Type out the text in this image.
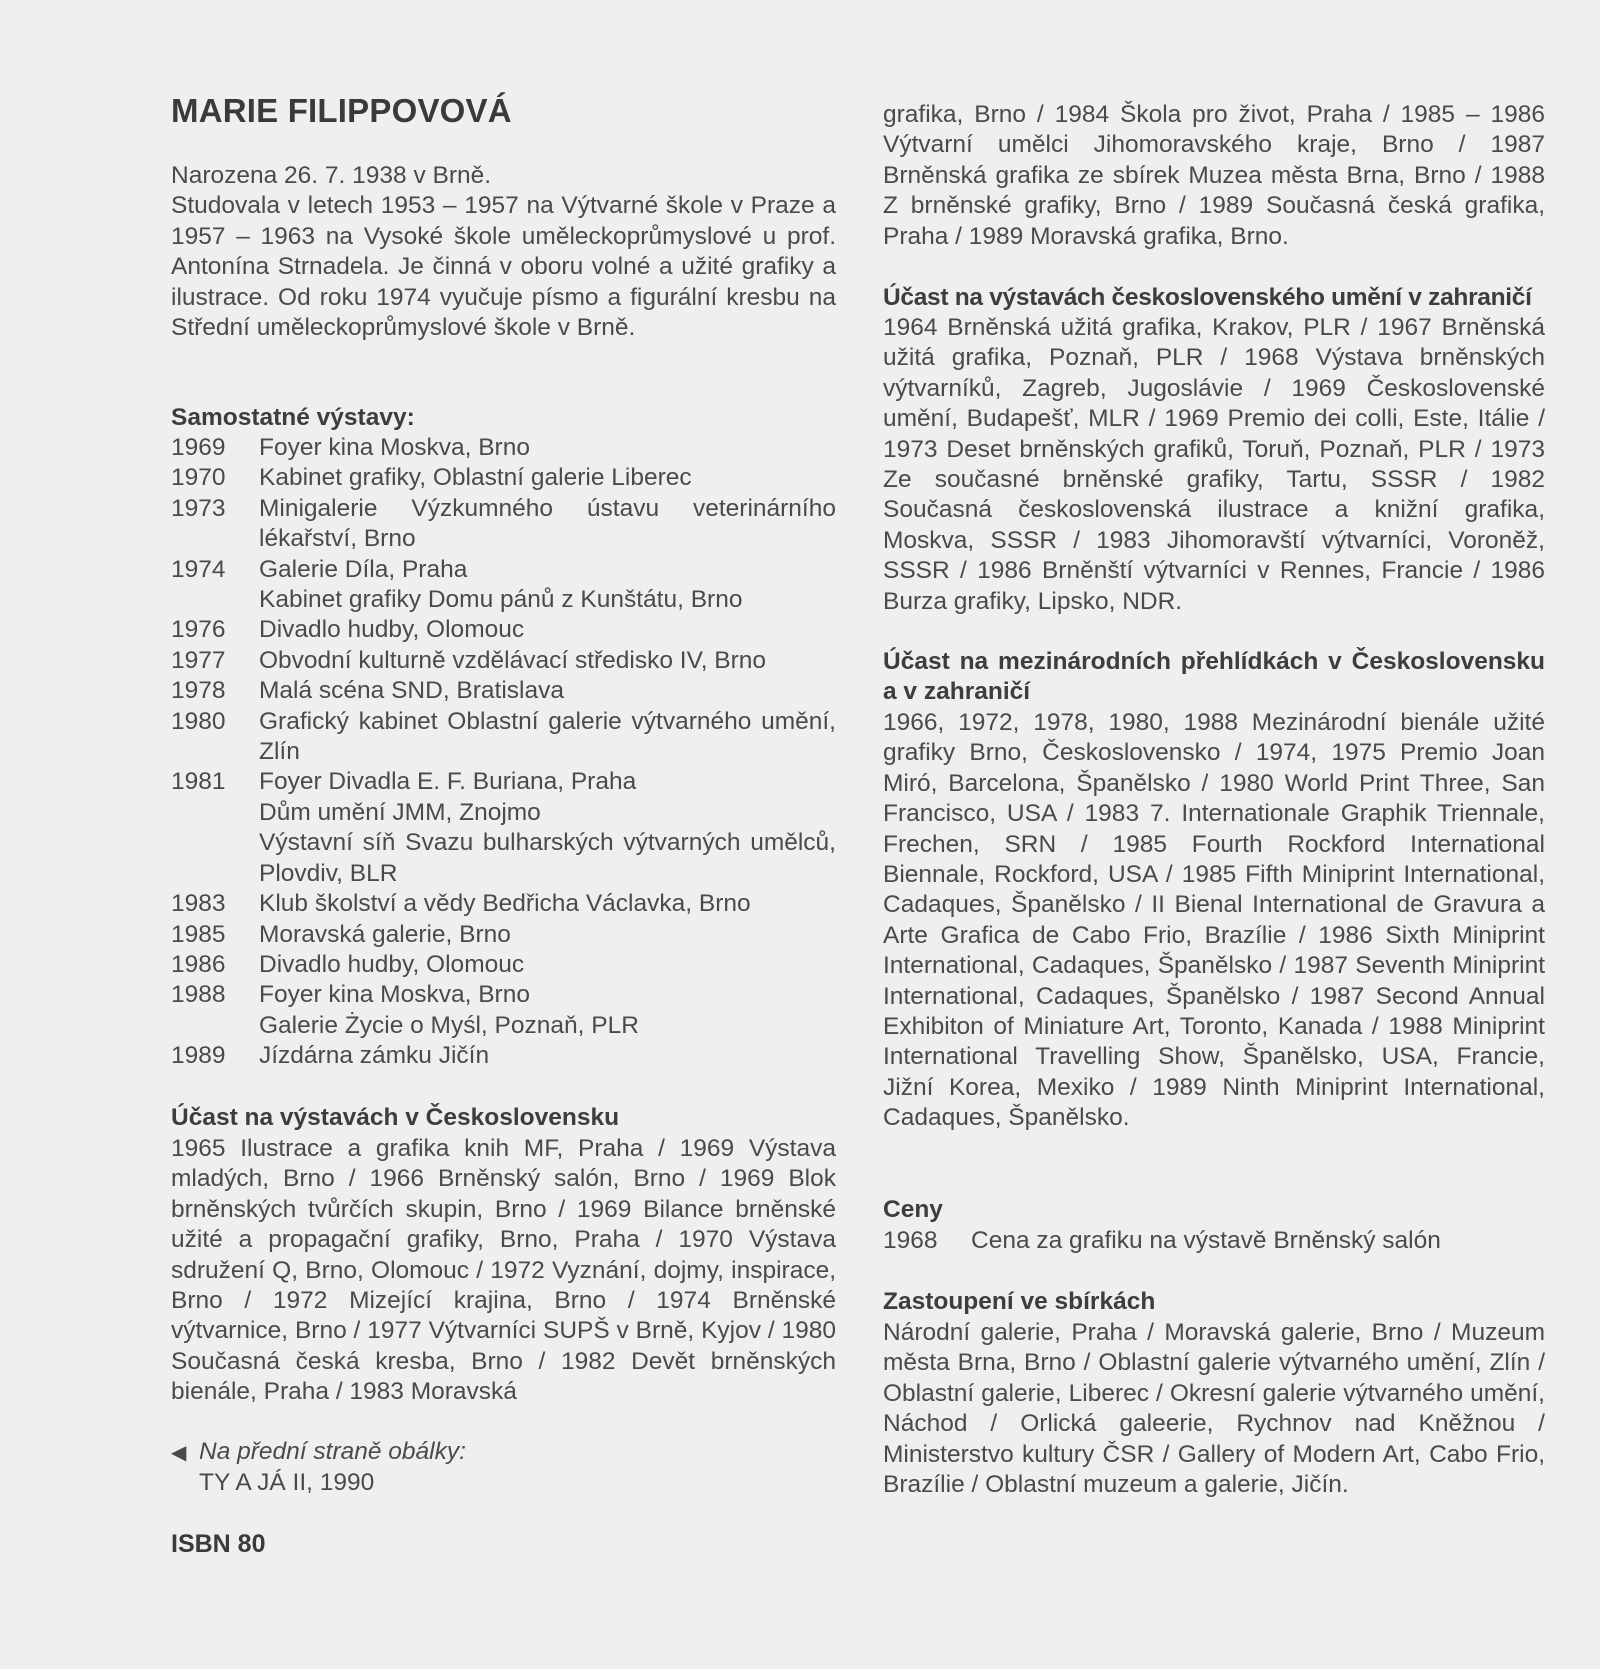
MARIE FILIPPOVOVÁ
Narozena 26. 7. 1938 v Brně.
Studovala v letech 1953 – 1957 na Výtvarné škole v Praze a 1957 – 1963 na Vysoké škole uměleckoprůmyslové u prof. Antonína Strnadela. Je činná v oboru volné a užité grafiky a ilustrace. Od roku 1974 vyučuje písmo a figurální kresbu na Střední uměleckoprůmyslové škole v Brně.
Samostatné výstavy:
1969	Foyer kina Moskva, Brno
1970	Kabinet grafiky, Oblastní galerie Liberec
1973	Minigalerie Výzkumného ústavu veterinárního lékařství, Brno
1974	Galerie Díla, Praha
Kabinet grafiky Domu pánů z Kunštátu, Brno
1976	Divadlo hudby, Olomouc
1977	Obvodní kulturně vzdělávací středisko IV, Brno
1978	Malá scéna SND, Bratislava
1980	Grafický kabinet Oblastní galerie výtvarného umění, Zlín
1981	Foyer Divadla E. F. Buriana, Praha
Dům umění JMM, Znojmo
Výstavní síň Svazu bulharských výtvarných umělců, Plovdiv, BLR
1983	Klub školství a vědy Bedřicha Václavka, Brno
1985	Moravská galerie, Brno
1986	Divadlo hudby, Olomouc
1988	Foyer kina Moskva, Brno
Galerie Życie o Myśl, Poznaň, PLR
1989	Jízdárna zámku Jičín
Účast na výstavách v Československu
1965 Ilustrace a grafika knih MF, Praha / 1969 Výstava mladých, Brno / 1966 Brněnský salón, Brno / 1969 Blok brněnských tvůrčích skupin, Brno / 1969 Bilance brněnské užité a propagační grafiky, Brno, Praha / 1970 Výstava sdružení Q, Brno, Olomouc / 1972 Vyznání, dojmy, inspirace, Brno / 1972 Mizející krajina, Brno / 1974 Brněnské výtvarnice, Brno / 1977 Výtvarníci SUPŠ v Brně, Kyjov / 1980 Současná česká kresba, Brno / 1982 Devět brněnských bienále, Praha / 1983 Moravská
◀ Na přední straně obálky:
TY A JÁ II, 1990
ISBN 80
grafika, Brno / 1984 Škola pro život, Praha / 1985 – 1986 Výtvarní umělci Jihomoravského kraje, Brno / 1987 Brněnská grafika ze sbírek Muzea města Brna, Brno / 1988 Z brněnské grafiky, Brno / 1989 Současná česká grafika, Praha / 1989 Moravská grafika, Brno.
Účast na výstavách československého umění v zahraničí
1964 Brněnská užitá grafika, Krakov, PLR / 1967 Brněnská užitá grafika, Poznaň, PLR / 1968 Výstava brněnských výtvarníků, Zagreb, Jugoslávie / 1969 Československé umění, Budapešť, MLR / 1969 Premio dei colli, Este, Itálie / 1973 Deset brněnských grafiků, Toruň, Poznaň, PLR / 1973 Ze současné brněnské grafiky, Tartu, SSSR / 1982 Současná československá ilustrace a knižní grafika, Moskva, SSSR / 1983 Jihomoravští výtvarníci, Voroněž, SSSR / 1986 Brněnští výtvarníci v Rennes, Francie / 1986 Burza grafiky, Lipsko, NDR.
Účast na mezinárodních přehlídkách v Československu a v zahraničí
1966, 1972, 1978, 1980, 1988 Mezinárodní bienále užité grafiky Brno, Československo / 1974, 1975 Premio Joan Miró, Barcelona, Španělsko / 1980 World Print Three, San Francisco, USA / 1983 7. Internationale Graphik Triennale, Frechen, SRN / 1985 Fourth Rockford International Biennale, Rockford, USA / 1985 Fifth Miniprint International, Cadaques, Španělsko / II Bienal International de Gravura a Arte Grafica de Cabo Frio, Brazílie / 1986 Sixth Miniprint International, Cadaques, Španělsko / 1987 Seventh Miniprint International, Cadaques, Španělsko / 1987 Second Annual Exhibiton of Miniature Art, Toronto, Kanada / 1988 Miniprint International Travelling Show, Španělsko, USA, Francie, Jižní Korea, Mexiko / 1989 Ninth Miniprint International, Cadaques, Španělsko.
Ceny
1968	Cena za grafiku na výstavě Brněnský salón
Zastoupení ve sbírkách
Národní galerie, Praha / Moravská galerie, Brno / Muzeum města Brna, Brno / Oblastní galerie výtvarného umění, Zlín / Oblastní galerie, Liberec / Okresní galerie výtvarného umění, Náchod / Orlická galeerie, Rychnov nad Kněžnou / Ministerstvo kultury ČSR / Gallery of Modern Art, Cabo Frio, Brazílie / Oblastní muzeum a galerie, Jičín.
